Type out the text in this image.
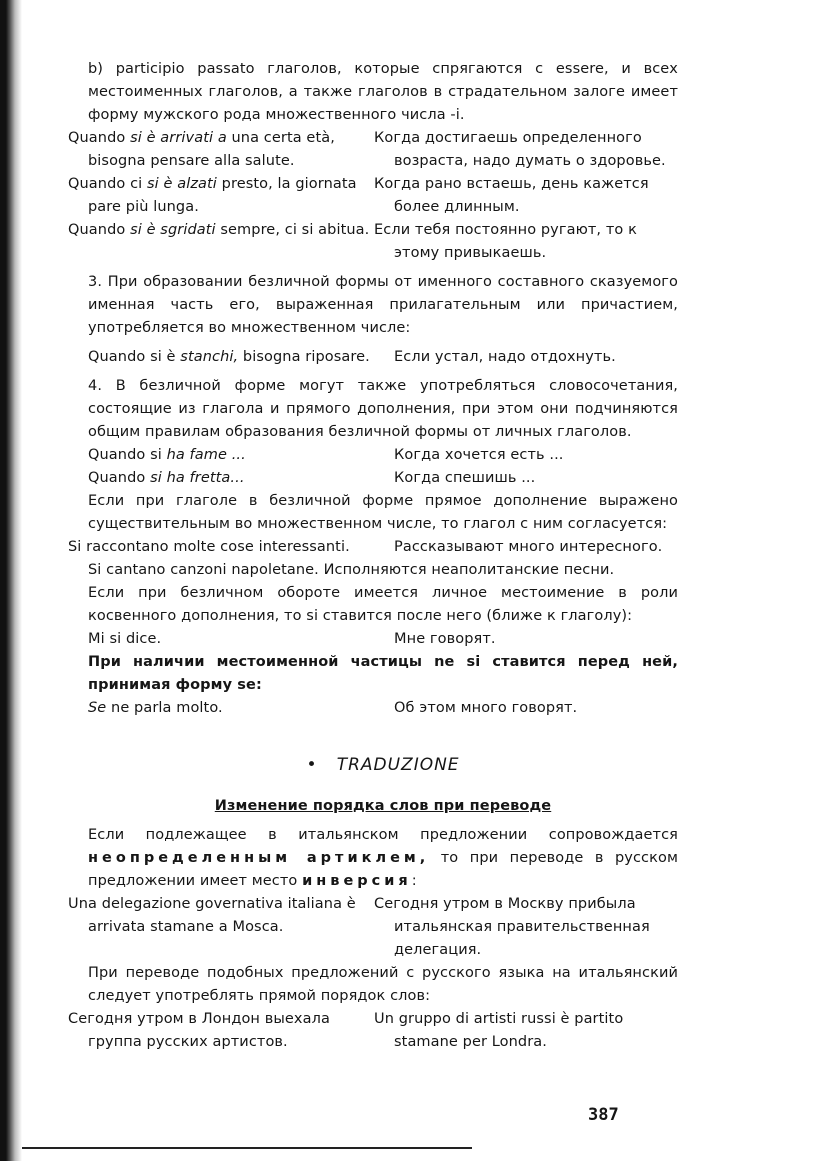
b) participio passato глаголов, которые спрягаются с essere, и всех местоименных глаголов, а также глаголов в страдательном залоге имеет форму мужского рода множественного числа -i.

Quando si è arrivati a una certa età, bisogna pensare alla salute.
Когда достигаешь определенного возраста, надо думать о здоровье.
Quando ci si è alzati presto, la giornata pare più lunga.
Когда рано встаешь, день кажется более длинным.
Quando si è sgridati sempre, ci si abitua. Если тебя постоянно ругают, то к этому привыкаешь.

3. При образовании безличной формы от именного составного сказуемого именная часть его, выраженная прилагательным или причастием, употребляется во множественном числе:

Quando si è stanchi, bisogna riposare. Если устал, надо отдохнуть.

4. В безличной форме могут также употребляться словосочетания, состоящие из глагола и прямого дополнения, при этом они подчиняются общим правилам образования безличной формы от личных глаголов.

Quando si ha fame ...	Когда хочется есть ...
Quando si ha fretta...	Когда спешишь ...

Если при глаголе в безличной форме прямое дополнение выражено существительным во множественном числе, то глагол с ним согласуется:

Si raccontano molte cose interessanti.	Рассказывают много интересного.

Si cantano canzoni napoletane. Исполняются неаполитанские песни.

Если при безличном обороте имеется личное местоимение в роли косвенного дополнения, то si ставится после него (ближе к глаголу):

Mi si dice.	Мне говорят.

При наличии местоименной частицы ne si ставится перед ней, принимая форму se:

Se ne parla molto.	Об этом много говорят.
• TRADUZIONE
Изменение порядка слов при переводе

Если подлежащее в итальянском предложении сопровождается неопределенным артиклем, то при переводе в русском предложении имеет место инверсия:

Una delegazione governativa italiana è arrivata stamane a Mosca.
Сегодня утром в Москву прибыла итальянская правительственная делегация.

При переводе подобных предложений с русского языка на итальянский следует употреблять прямой порядок слов:

Сегодня утром в Лондон выехала группа русских артистов.
Un gruppo di artisti russi è partito stamane per Londra.
387
